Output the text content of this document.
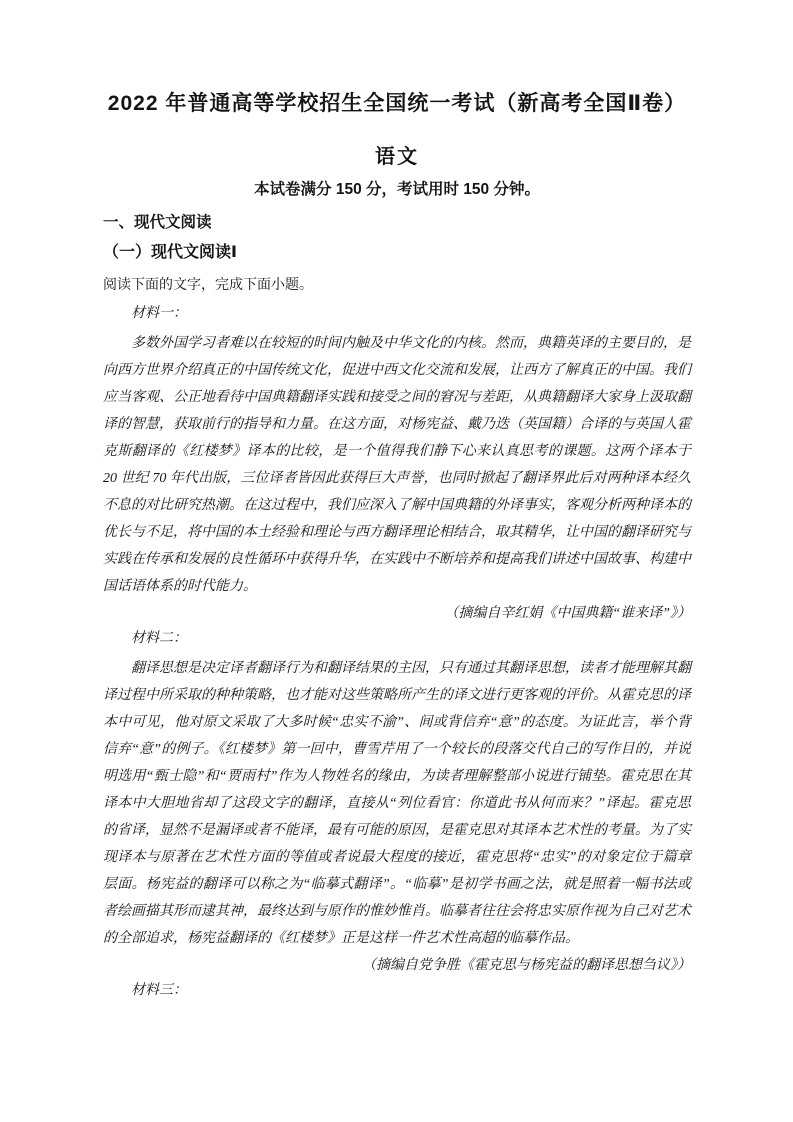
2022 年普通高等学校招生全国统一考试（新高考全国Ⅱ卷）
语文
本试卷满分 150 分，考试用时 150 分钟。
一、现代文阅读
（一）现代文阅读Ⅰ
阅读下面的文字，完成下面小题。
材料一：

多数外国学习者难以在较短的时间内触及中华文化的内核。然而，典籍英译的主要目的，是向西方世界介绍真正的中国传统文化，促进中西文化交流和发展，让西方了解真正的中国。我们应当客观、公正地看待中国典籍翻译实践和接受之间的窘况与差距，从典籍翻译大家身上汲取翻译的智慧，获取前行的指导和力量。在这方面，对杨宪益、戴乃迭（英国籍）合译的与英国人霍克斯翻译的《红楼梦》译本的比较，是一个值得我们静下心来认真思考的课题。这两个译本于 20 世纪 70 年代出版，三位译者皆因此获得巨大声誉，也同时掀起了翻译界此后对两种译本经久不息的对比研究热潮。在这过程中，我们应深入了解中国典籍的外译事实，客观分析两种译本的优长与不足，将中国的本土经验和理论与西方翻译理论相结合，取其精华，让中国的翻译研究与实践在传承和发展的良性循环中获得升华，在实践中不断培养和提高我们讲述中国故事、构建中国话语体系的时代能力。

（摘编自辛红娟《中国典籍“谁来译”》）
材料二：

翻译思想是决定译者翻译行为和翻译结果的主因，只有通过其翻译思想，读者才能理解其翻译过程中所采取的种种策略，也才能对这些策略所产生的译文进行更客观的评价。从霍克思的译本中可见，他对原文采取了大多时候“忠实不渝”、间或背信弃“意”的态度。为证此言，举个背信弃“意”的例子。《红楼梦》第一回中，曹雪芹用了一个较长的段落交代自己的写作目的，并说明选用“甄士隐”和“贾雨村”作为人物姓名的缘由，为读者理解整部小说进行铺垫。霍克思在其译本中大胆地省却了这段文字的翻译，直接从“列位看官：你道此书从何而来？”译起。霍克思的省译，显然不是漏译或者不能译，最有可能的原因，是霍克思对其译本艺术性的考量。为了实现译本与原著在艺术性方面的等值或者说最大程度的接近，霍克思将“忠实”的对象定位于篇章层面。杨宪益的翻译可以称之为“临摹式翻译”。“临摹”是初学书画之法，就是照着一幅书法或者绘画描其形而逮其神，最终达到与原作的惟妙惟肖。临摹者往往会将忠实原作视为自己对艺术的全部追求，杨宪益翻译的《红楼梦》正是这样一件艺术性高超的临摹作品。

（摘编自党争胜《霍克思与杨宪益的翻译思想刍议》）
材料三：
